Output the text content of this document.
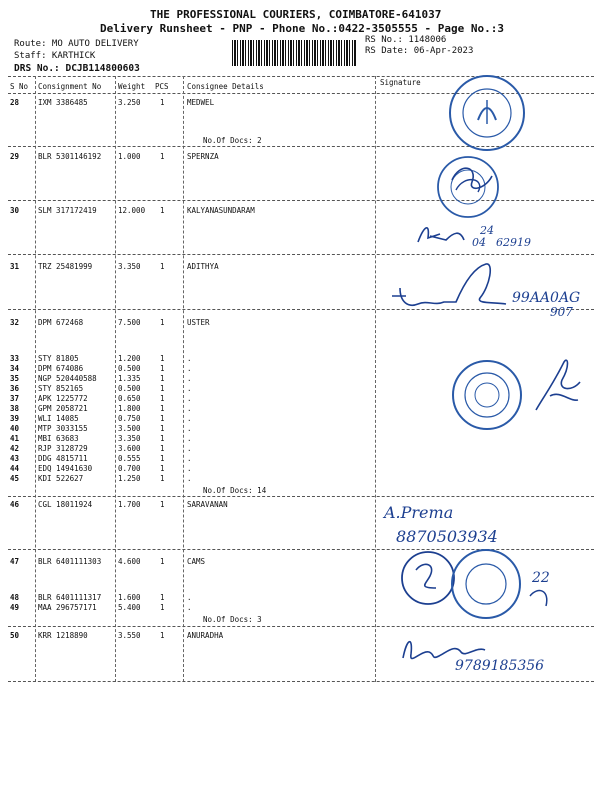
THE PROFESSIONAL COURIERS, COIMBATORE-641037
Delivery Runsheet - PNP - Phone No.:0422-3505555 - Page No.:3
Route: MO AUTO DELIVERY
Staff: KARTHICK
DRS No.: DCJB114800603
RS No.: 1148006
RS Date: 06-Apr-2023
S No Consignment No Weight PCS Consignee Details	Signature
28	IXM 3386485	3.250	1	MEDWEL
29	BLR 5301146192 1.000	1	SPERNZA
30	SLM 317172419	12.000 1	KALYANASUNDARAM
31	TRZ 25481999	3.350	1	ADITHYA
32	DPM 672468	7.500	1	USTER
33	STY 81805	1.200	1	.
34	DPM 674086	0.500	1	.
35	NGP 520440588	1.335	1	.
36	STY 852165	0.500	1	.
37	APK 1225772	0.650	1	.
38	GPM 2058721	1.800	1	.
39	WLI 14085	0.750	1	.
40	MTP 3033155	3.500	1	.
41	MBI 63683	3.350	1	.
42	RJP 3128729	3.600	1	.
43	DDG 4815711	0.555	1	.
44	EDQ 14941630	0.700	1	.
45	KDI 522627	1.250	1	.
46	CGL 18011924	1.700	1	SARAVANAN
47	BLR 6401111303 4.600	1	CAMS
48	BLR 6401111317 1.600	1	.
49	MAA 296757171	5.400	1	.
50	KRR 1218890	3.550	1	ANURADHA
No.Of Docs: 2
No.Of Docs: 14
No.Of Docs: 3
24
04 62919
99AA0AG
907
A.Prema
8870503934
22
9789185356
